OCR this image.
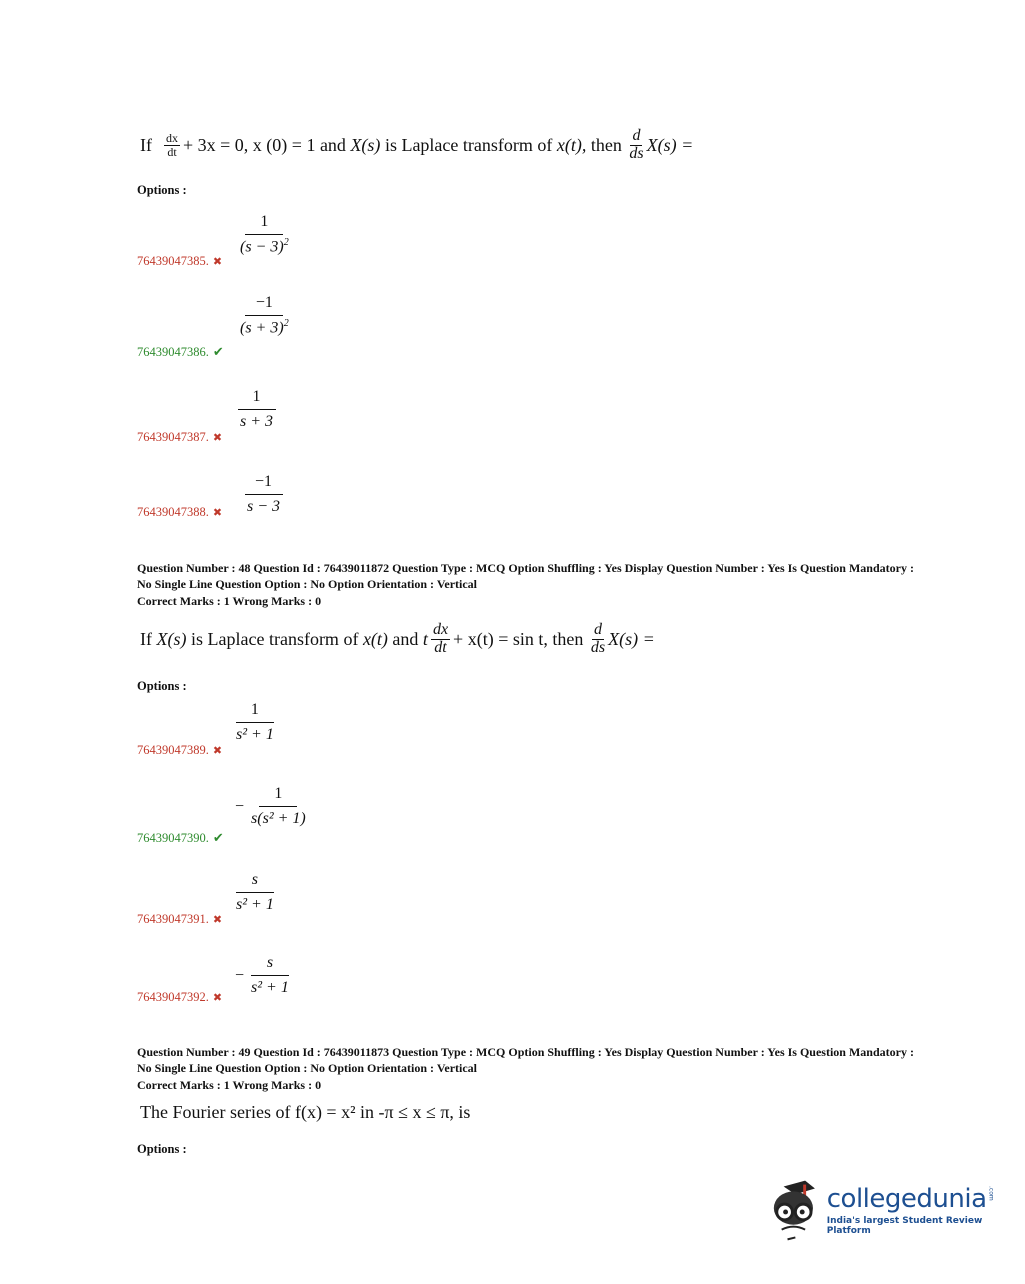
If
$\frac{dx}{dt} + 3x = 0$, x (0) = 1 and
X(s)
is Laplace transform of
x(t),
then
$\frac{d}{ds} X(s)$ =
Options :
$\frac{1}{(s - 3)^2}$
76439047385. ✖
$\frac{-1}{(s + 3)^2}$
76439047386. ✔
$\frac{1}{s + 3}$
76439047387. ✖
$\frac{-1}{s - 3}$
76439047388. ✖
Question Number : 48 Question Id : 76439011872 Question Type : MCQ Option Shuffling : Yes Display Question Number : Yes Is Question Mandatory : No Single Line Question Option : No Option Orientation : Vertical
Correct Marks : 1 Wrong Marks : 0
If
X(s)
is Laplace transform of
x(t)
and
t $\frac{dx}{dt} + x(t) = \sin t$, then
$\frac{d}{ds} X(s)$ =
Options :
$\frac{1}{\text{s² + 1}}$
76439047389. ✖
− $\frac{1}{\text{s(s² + 1)}}$
76439047390. ✔
$\frac{s}{\text{s² + 1}}$
76439047391. ✖
− $\frac{s}{\text{s² + 1}}$
76439047392. ✖
Question Number : 49 Question Id : 76439011873 Question Type : MCQ Option Shuffling : Yes Display Question Number : Yes Is Question Mandatory : No Single Line Question Option : No Option Orientation : Vertical
Correct Marks : 1 Wrong Marks : 0
The Fourier series of f(x) = x² in -π ≤ x ≤ π, is
Options :
collegedunia .com
India's largest Student Review Platform
